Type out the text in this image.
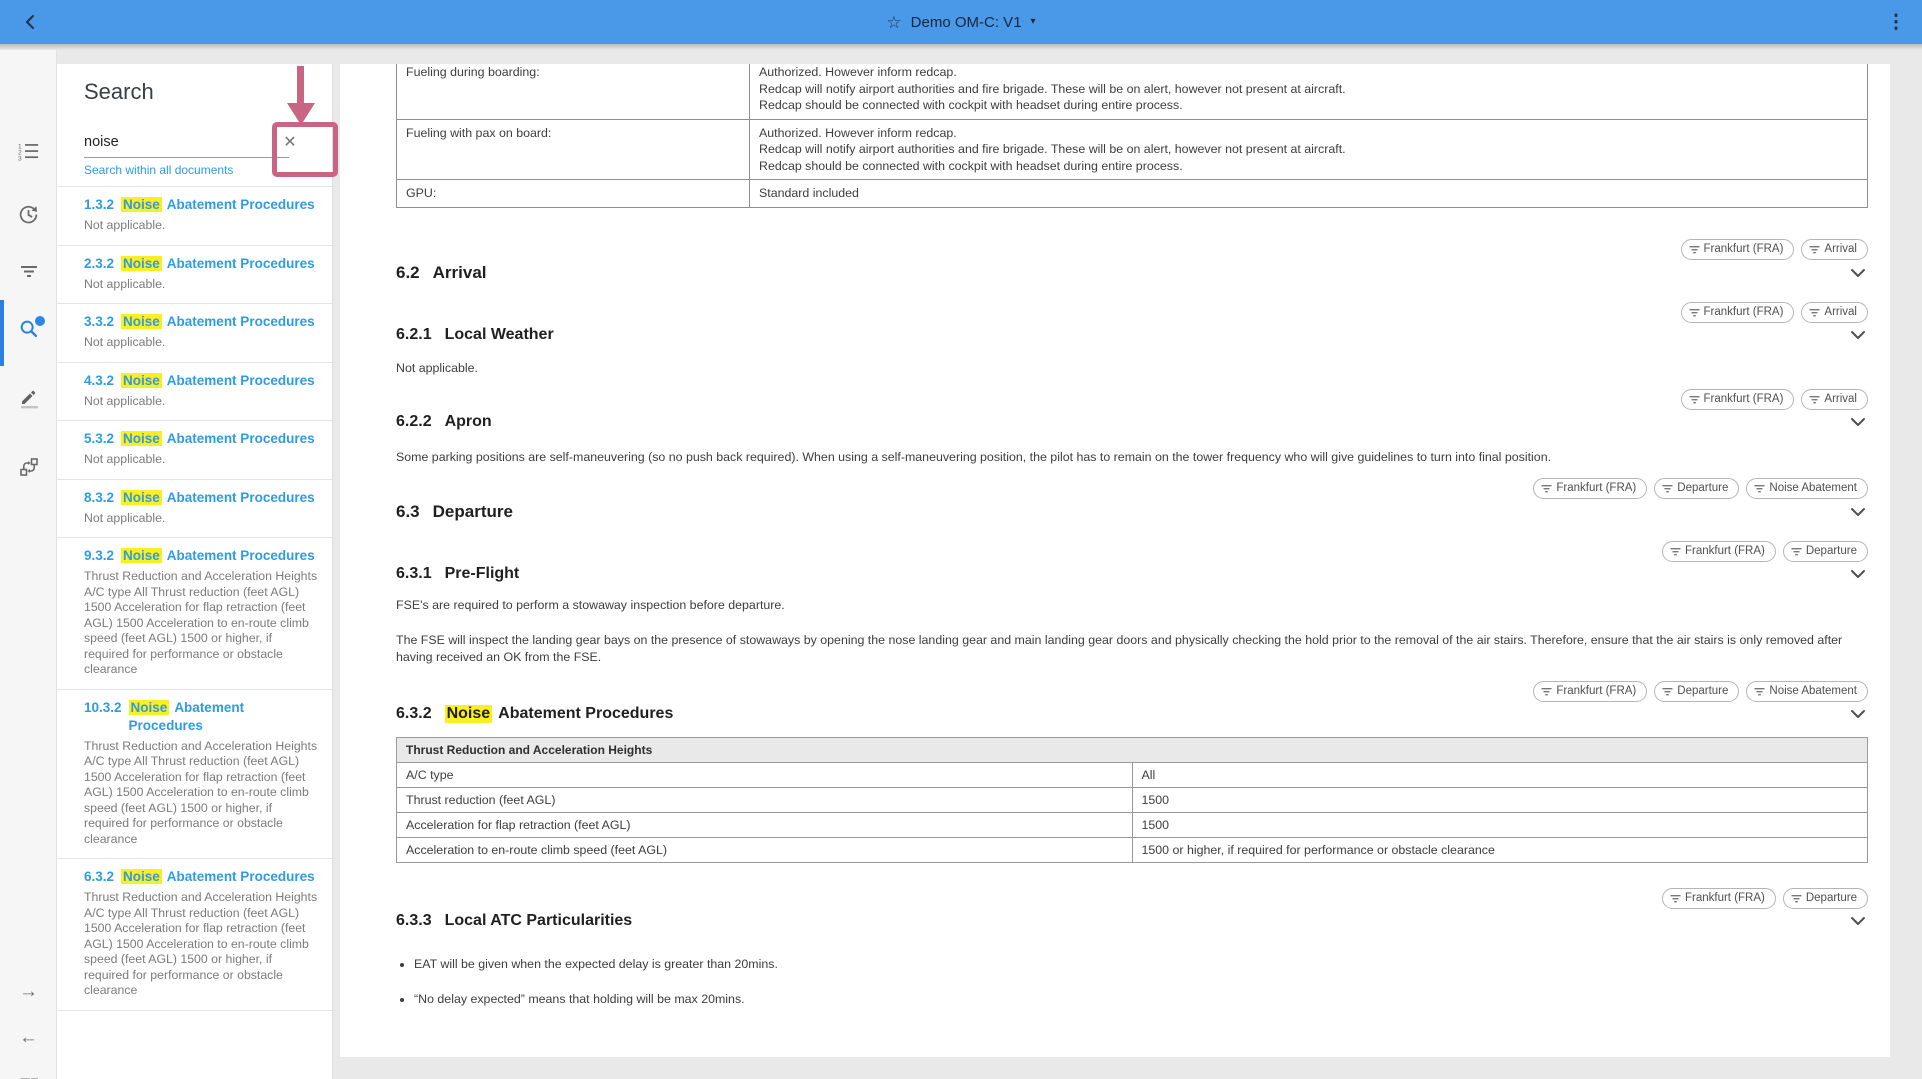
☆ Demo OM-C: V1 ▾	⋮
1
2
3
→
←
Search
noise
✕
Search within all documents
1.3.2 Noise Abatement Procedures

Not applicable.

2.3.2 Noise Abatement Procedures

Not applicable.

3.3.2 Noise Abatement Procedures

Not applicable.

4.3.2 Noise Abatement Procedures

Not applicable.

5.3.2 Noise Abatement Procedures

Not applicable.

8.3.2 Noise Abatement Procedures

Not applicable.

9.3.2 Noise Abatement Procedures

Thrust Reduction and Acceleration Heights A/C type All Thrust reduction (feet AGL) 1500 Acceleration for flap retraction (feet AGL) 1500 Acceleration to en-route climb speed (feet AGL) 1500 or higher, if required for performance or obstacle clearance

10.3.2 Noise Abatement Procedures

Thrust Reduction and Acceleration Heights A/C type All Thrust reduction (feet AGL) 1500 Acceleration for flap retraction (feet AGL) 1500 Acceleration to en-route climb speed (feet AGL) 1500 or higher, if required for performance or obstacle clearance

6.3.2 Noise Abatement Procedures

Thrust Reduction and Acceleration Heights A/C type All Thrust reduction (feet AGL) 1500 Acceleration for flap retraction (feet AGL) 1500 Acceleration to en-route climb speed (feet AGL) 1500 or higher, if required for performance or obstacle clearance

Fueling during boarding:	Authorized. However inform redcap.
Redcap will notify airport authorities and fire brigade. These will be on alert, however not present at aircraft.
Redcap should be connected with cockpit with headset during entire process.

Fueling with pax on board:	Authorized. However inform redcap.
Redcap will notify airport authorities and fire brigade. These will be on alert, however not present at aircraft.
Redcap should be connected with cockpit with headset during entire process.

GPU:	Standard included
Frankfurt (FRA)	Arrival
6.2 Arrival
Frankfurt (FRA)	Arrival
6.2.1 Local Weather

Not applicable.

Frankfurt (FRA)	Arrival
6.2.2 Apron

Some parking positions are self-maneuvering (so no push back required). When using a self-maneuvering position, the pilot has to remain on the tower frequency who will give guidelines to turn into final position.

Frankfurt (FRA)	Departure	Noise Abatement
6.3 Departure
Frankfurt (FRA)	Departure
6.3.1 Pre-Flight

FSE's are required to perform a stowaway inspection before departure.

The FSE will inspect the landing gear bays on the presence of stowaways by opening the nose landing gear and main landing gear doors and physically checking the hold prior to the removal of the air stairs. Therefore, ensure that the air stairs is only removed after having received an OK from the FSE.

Frankfurt (FRA)	Departure	Noise Abatement
6.3.2 Noise Abatement Procedures
Thrust Reduction and Acceleration Heights	
A/C type	All
Thrust reduction (feet AGL)	1500
Acceleration for flap retraction (feet AGL)	1500
Acceleration to en-route climb speed (feet AGL)	1500 or higher, if required for performance or obstacle clearance
Frankfurt (FRA)	Departure
6.3.3 Local ATC Particularities
• EAT will be given when the expected delay is greater than 20mins.
• “No delay expected” means that holding will be max 20mins.
